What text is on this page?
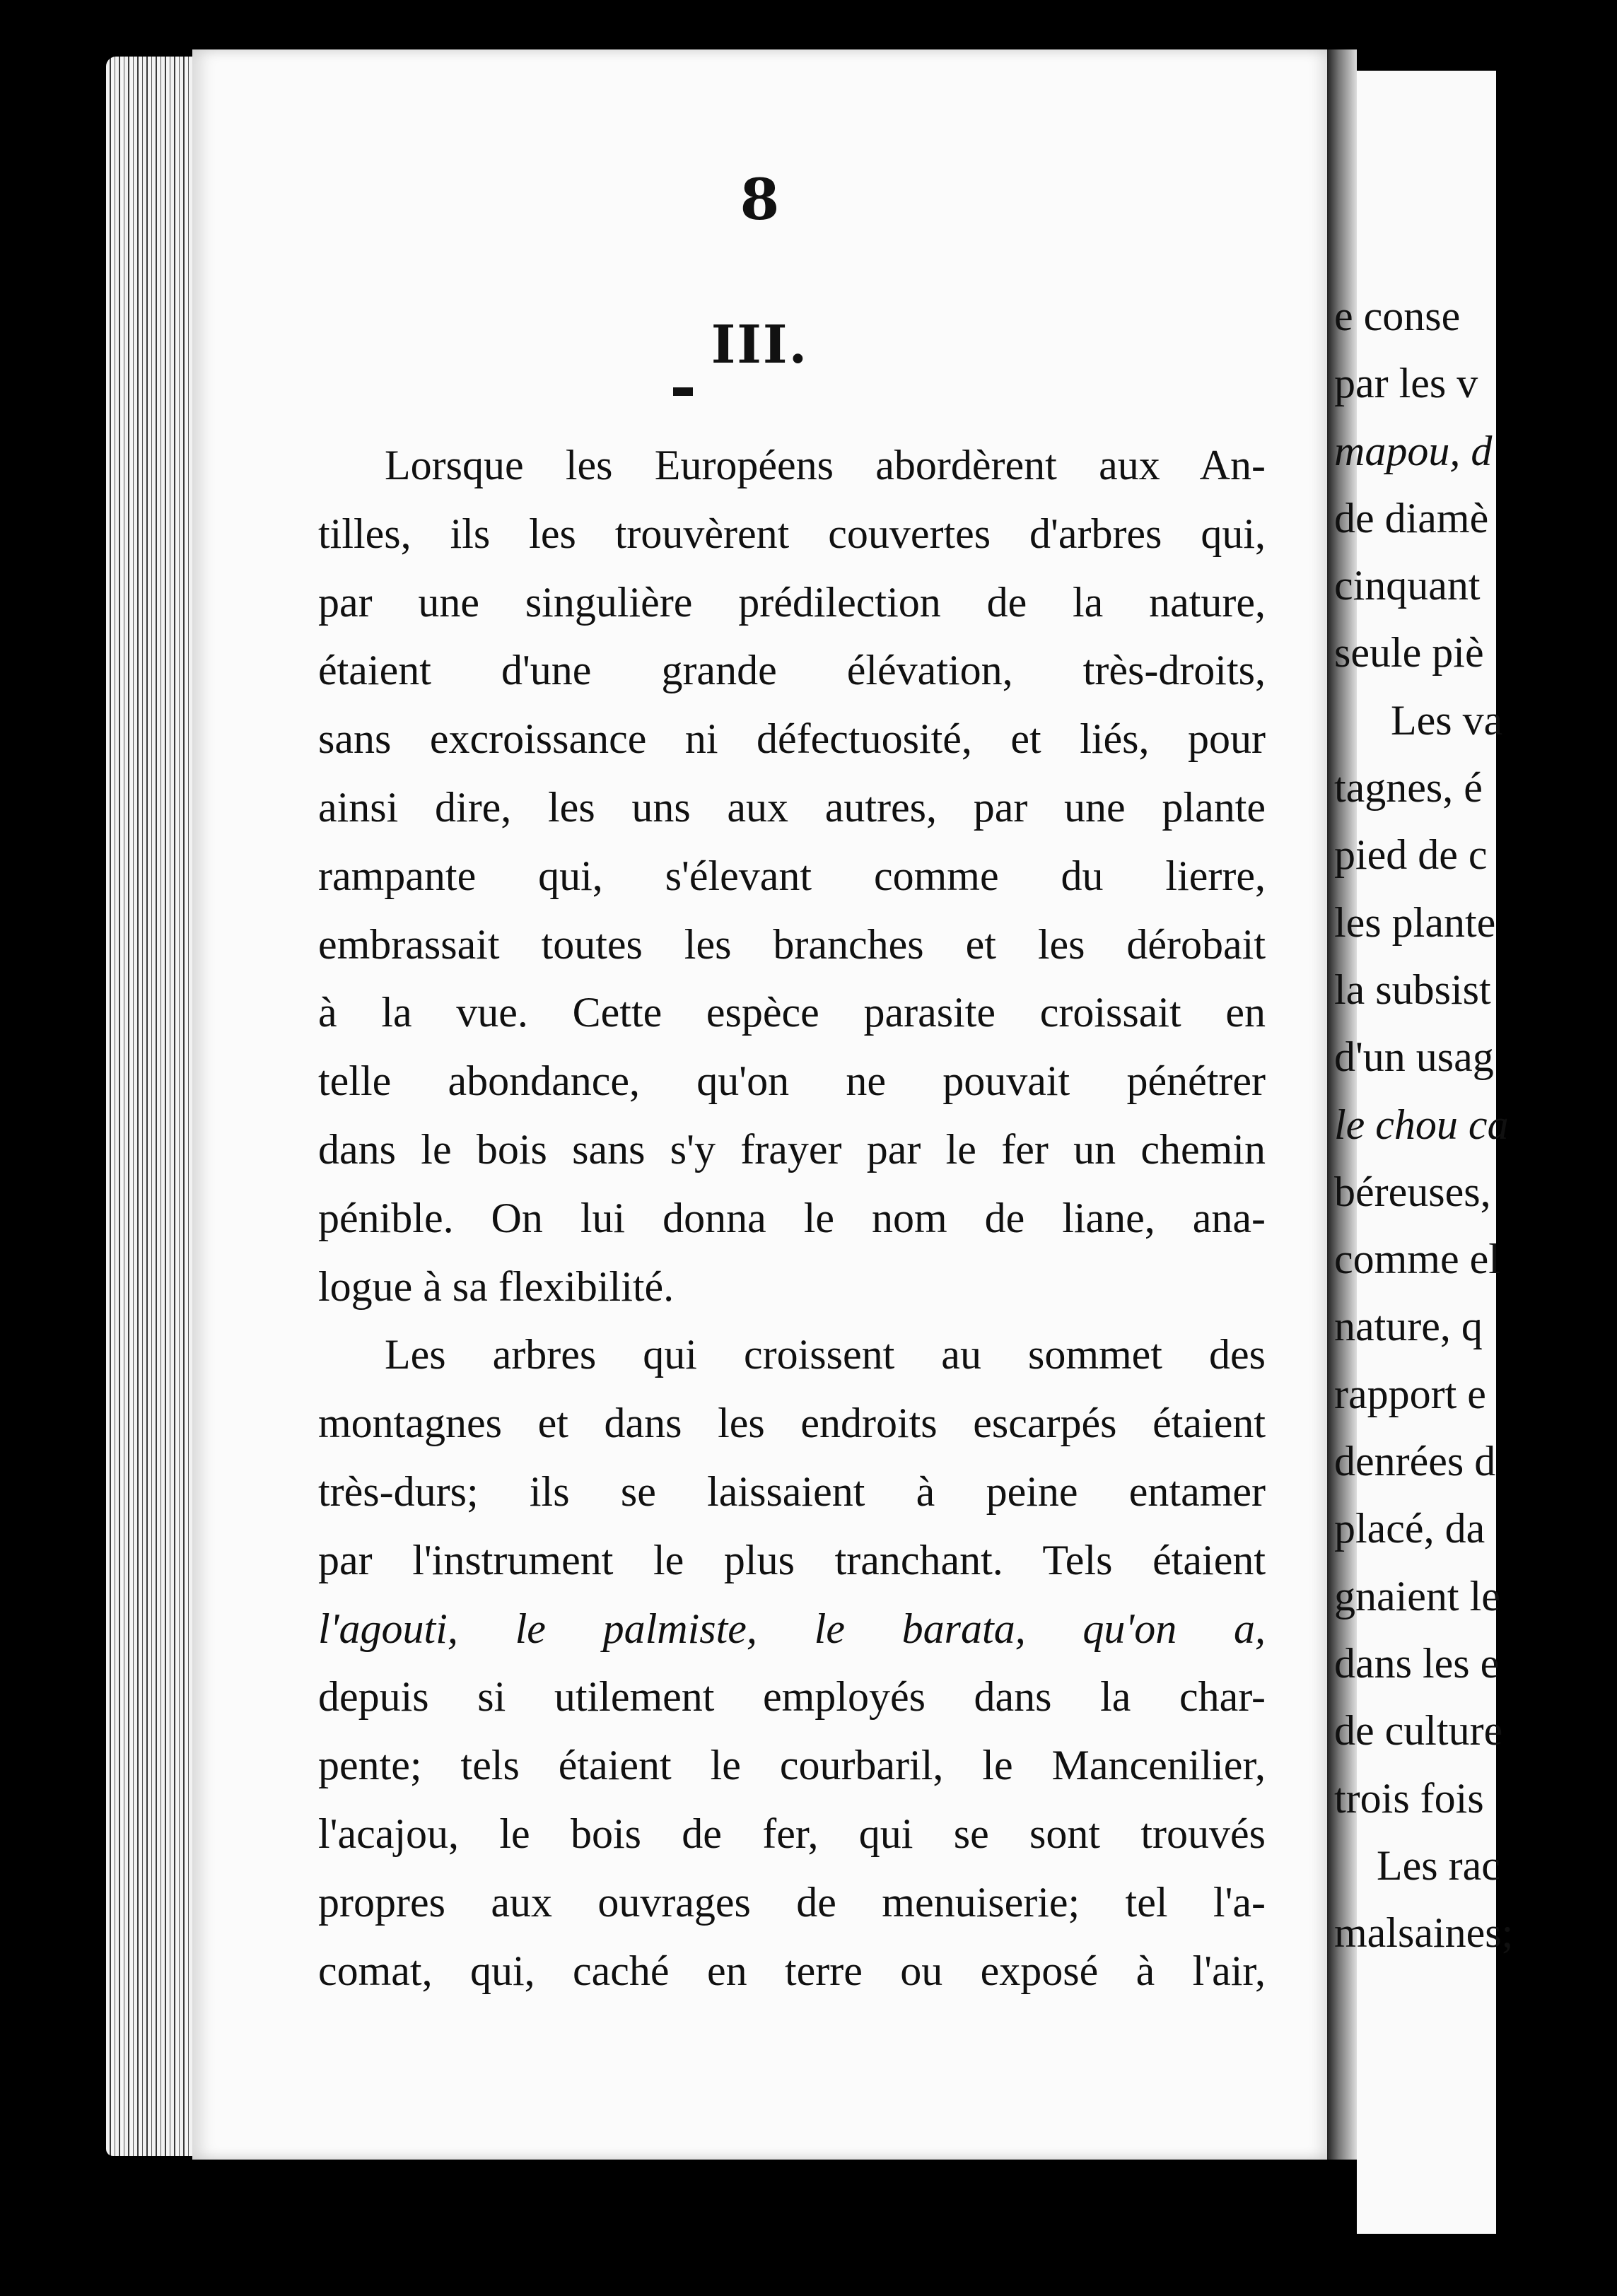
8
III.
Lorsque les Européens abordèrent aux An-
tilles, ils les trouvèrent couvertes d'arbres qui,
par une singulière prédilection de la nature,
étaient d'une grande élévation, très-droits,
sans excroissance ni défectuosité, et liés, pour
ainsi dire, les uns aux autres, par une plante
rampante qui, s'élevant comme du lierre,
embrassait toutes les branches et les dérobait
à la vue. Cette espèce parasite croissait en
telle abondance, qu'on ne pouvait pénétrer
dans le bois sans s'y frayer par le fer un chemin
pénible. On lui donna le nom de liane, ana-
logue à sa flexibilité.
Les arbres qui croissent au sommet des
montagnes et dans les endroits escarpés étaient
très-durs; ils se laissaient à peine entamer
par l'instrument le plus tranchant. Tels étaient
l'agouti, le palmiste, le barata, qu'on a,
depuis si utilement employés dans la char-
pente; tels étaient le courbaril, le Mancenilier,
l'acajou, le bois de fer, qui se sont trouvés
propres aux ouvrages de menuiserie; tel l'a-
comat, qui, caché en terre ou exposé à l'air,
e conse
par les v
mapou, d
de diamè
cinquant
seule piè
Les va
tagnes, é
pied de c
les plante
la subsist
d'un usag
le chou ca
béreuses,
comme el
nature, q
rapport e
denrées d
placé, da
gnaient le
dans les e
de culture
trois fois
Les rac
malsaines;
